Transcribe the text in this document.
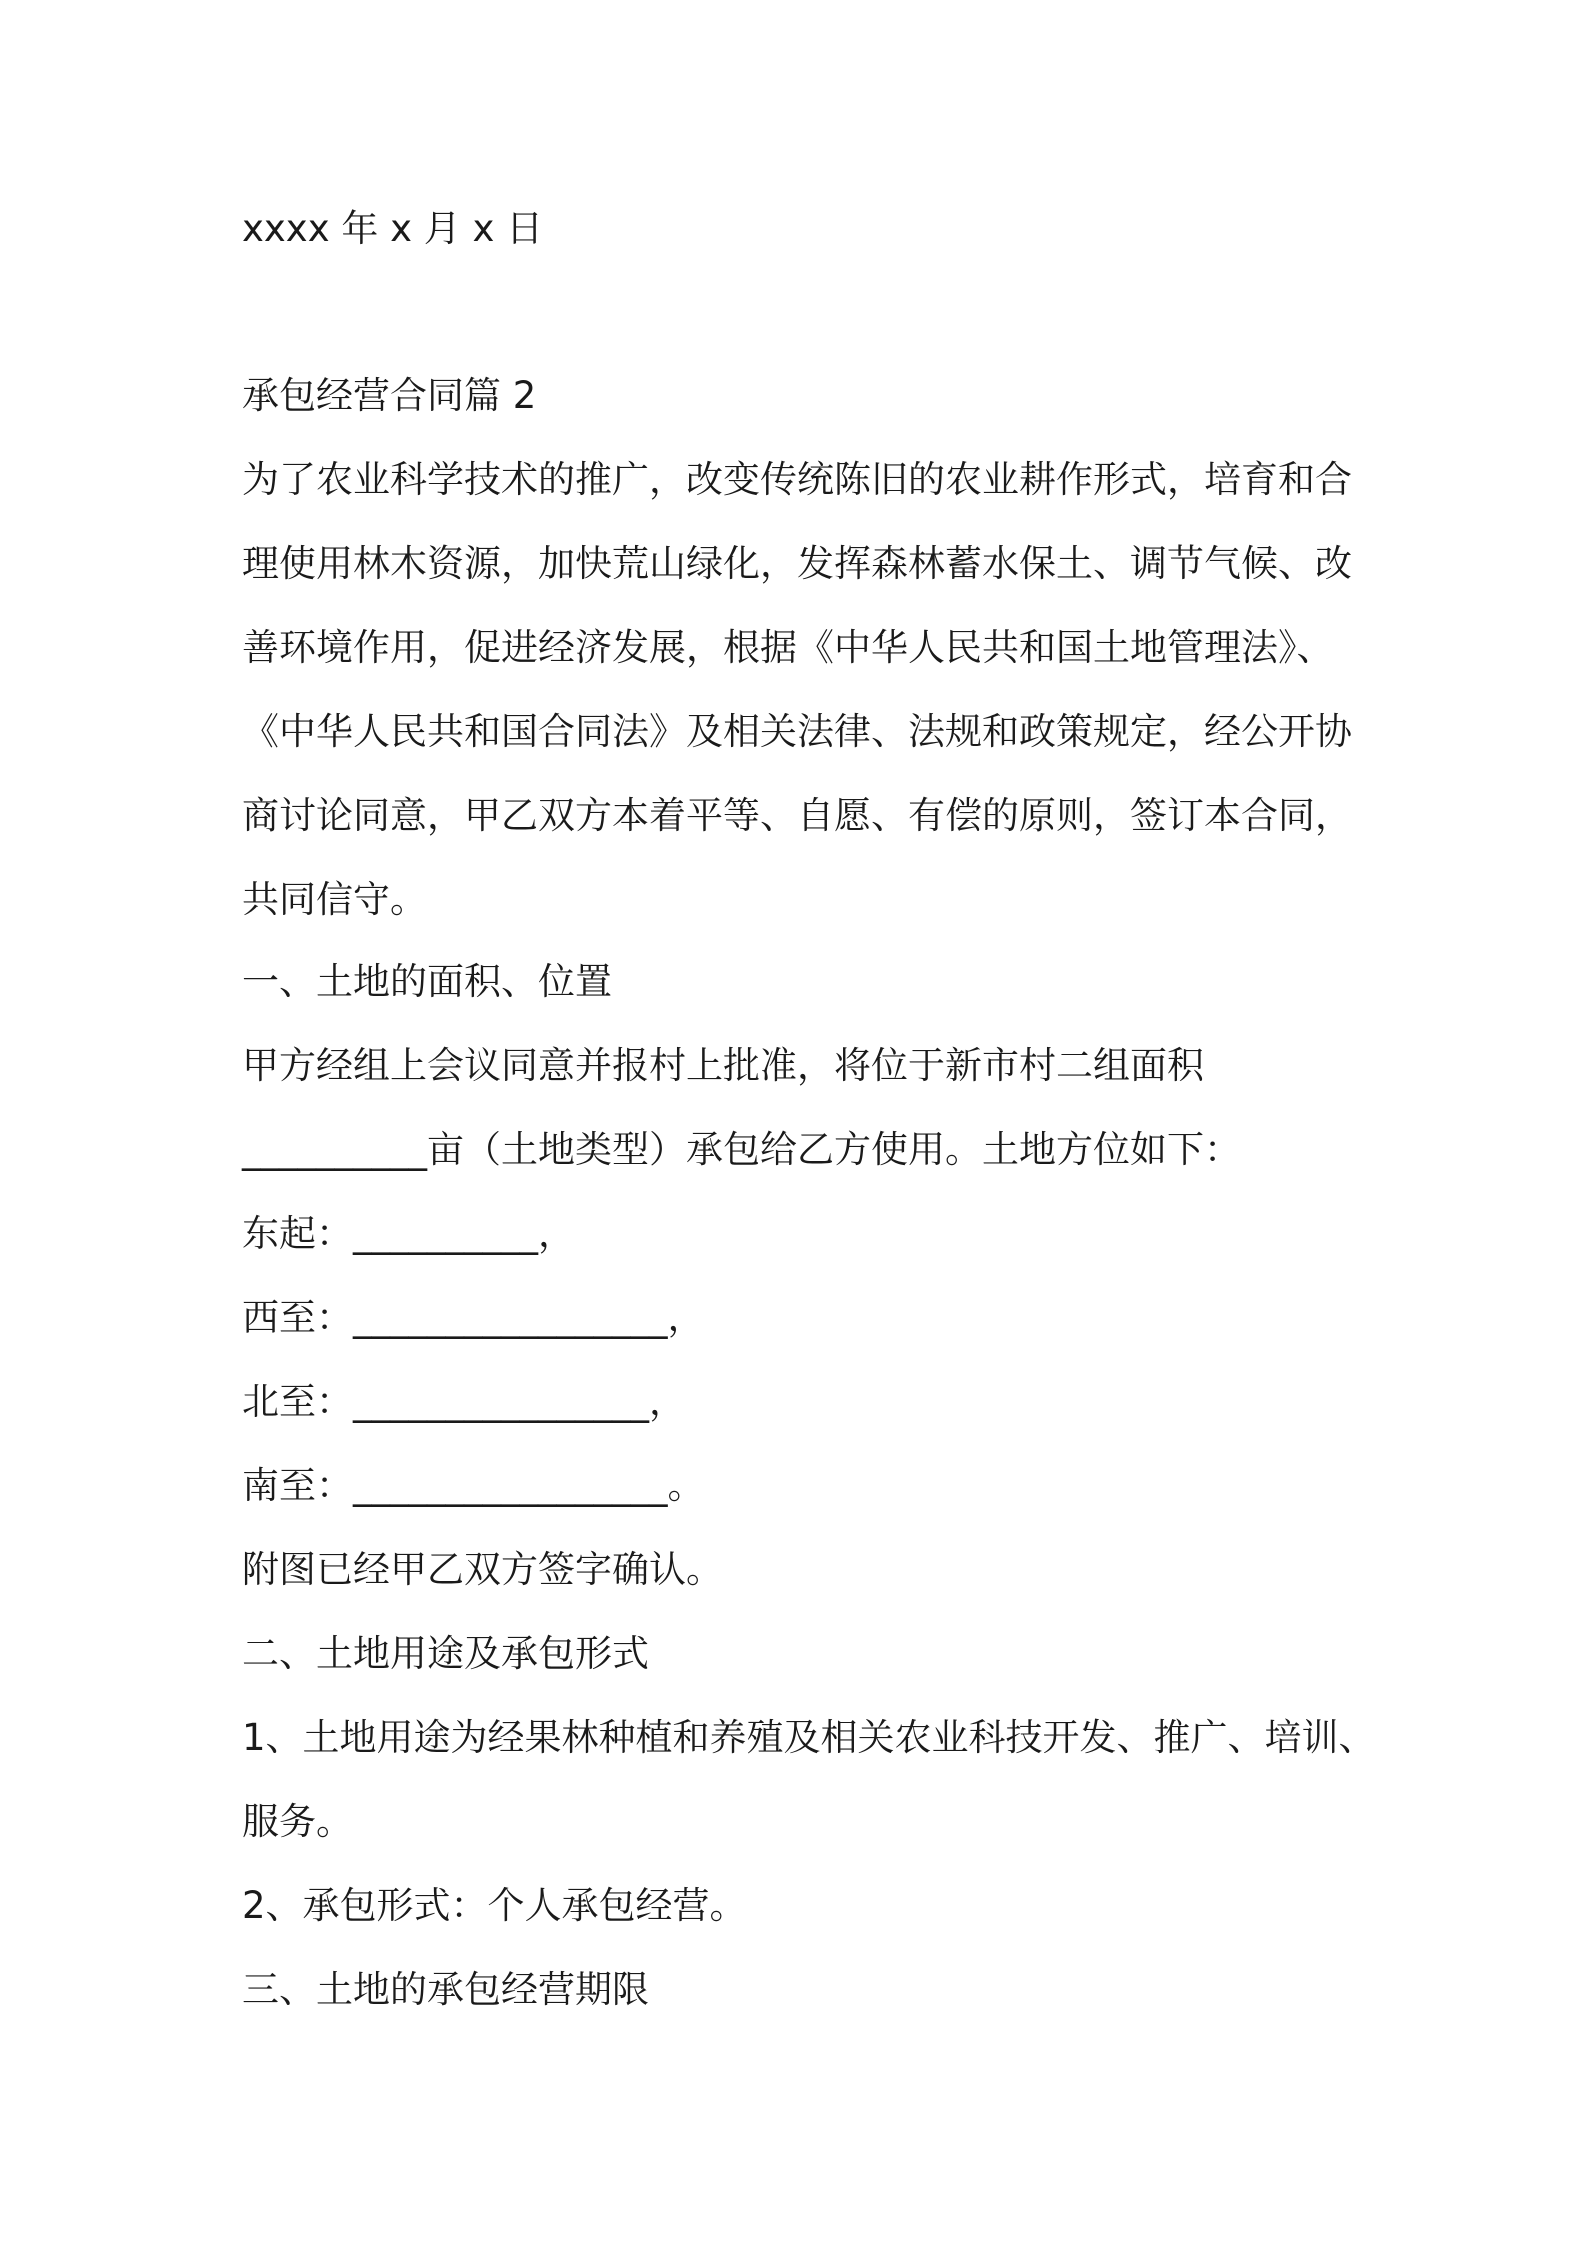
xxxx 年 x 月 x 日
承包经营合同篇 2
为了农业科学技术的推广，改变传统陈旧的农业耕作形式，培育和合
理使用林木资源，加快荒山绿化，发挥森林蓄水保土、调节气候、改
善环境作用，促进经济发展，根据《中华人民共和国土地管理法》、
《中华人民共和国合同法》及相关法律、法规和政策规定，经公开协
商讨论同意，甲乙双方本着平等、自愿、有偿的原则，签订本合同，
共同信守。
一、土地的面积、位置
甲方经组上会议同意并报村上批准，将位于新市村二组面积
__________亩（土地类型）承包给乙方使用。土地方位如下：
东起：__________，
西至：_________________，
北至：________________，
南至：_________________。
附图已经甲乙双方签字确认。
二、土地用途及承包形式
1、土地用途为经果林种植和养殖及相关农业科技开发、推广、培训、
服务。
2、承包形式：个人承包经营。
三、土地的承包经营期限
